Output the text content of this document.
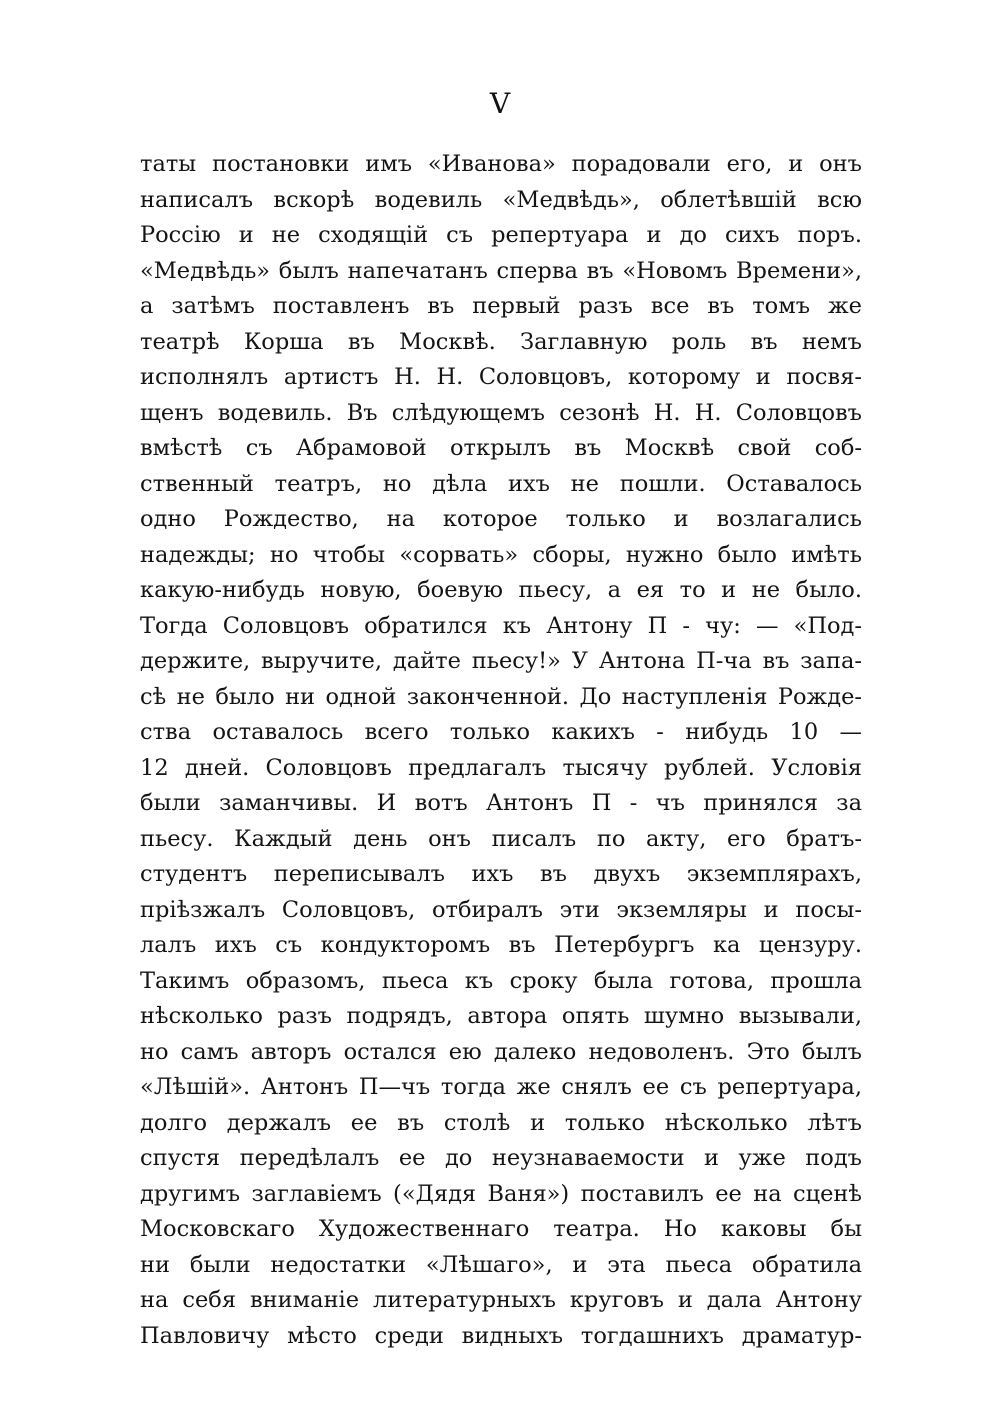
V
таты постановки имъ «Иванова» порадовали его, и онъ
написалъ вскорѣ водевиль «Медвѣдь», облетѣвшій всю
Россію и не сходящій съ репертуара и до сихъ поръ.
«Медвѣдь» былъ напечатанъ сперва въ «Новомъ Времени»,
а затѣмъ поставленъ въ первый разъ все въ томъ же
театрѣ Корша въ Москвѣ. Заглавную роль въ немъ
исполнялъ артистъ Н. Н. Соловцовъ, которому и посвя-
щенъ водевиль. Въ слѣдующемъ сезонѣ Н. Н. Соловцовъ
вмѣстѣ съ Абрамовой открылъ въ Москвѣ свой соб-
ственный театръ, но дѣла ихъ не пошли. Оставалось
одно Рождество, на которое только и возлагались
надежды; но чтобы «сорвать» сборы, нужно было имѣть
какую-нибудь новую, боевую пьесу, а ея то и не было.
Тогда Соловцовъ обратился къ Антону П - чу: — «Под-
держите, выручите, дайте пьесу!» У Антона П-ча въ запа-
сѣ не было ни одной законченной. До наступленія Рожде-
ства оставалось всего только какихъ - нибудь 10 —
12 дней. Соловцовъ предлагалъ тысячу рублей. Условія
были заманчивы. И вотъ Антонъ П - чъ принялся за
пьесу. Каждый день онъ писалъ по акту, его братъ-
студентъ переписывалъ ихъ въ двухъ экземплярахъ,
пріѣзжалъ Соловцовъ, отбиралъ эти экземляры и посы-
лалъ ихъ съ кондукторомъ въ Петербургъ ка цензуру.
Такимъ образомъ, пьеса къ сроку была готова, прошла
нѣсколько разъ подрядъ, автора опять шумно вызывали,
но самъ авторъ остался ею далеко недоволенъ. Это былъ
«Лѣшій». Антонъ П—чъ тогда же снялъ ее съ репертуара,
долго держалъ ее въ столѣ и только нѣсколько лѣтъ
спустя передѣлалъ ее до неузнаваемости и уже подъ
другимъ заглавіемъ («Дядя Ваня») поставилъ ее на сценѣ
Московскаго Художественнаго театра. Но каковы бы
ни были недостатки «Лѣшаго», и эта пьеса обратила
на себя вниманіе литературныхъ круговъ и дала Антону
Павловичу мѣсто среди видныхъ тогдашнихъ драматур-
